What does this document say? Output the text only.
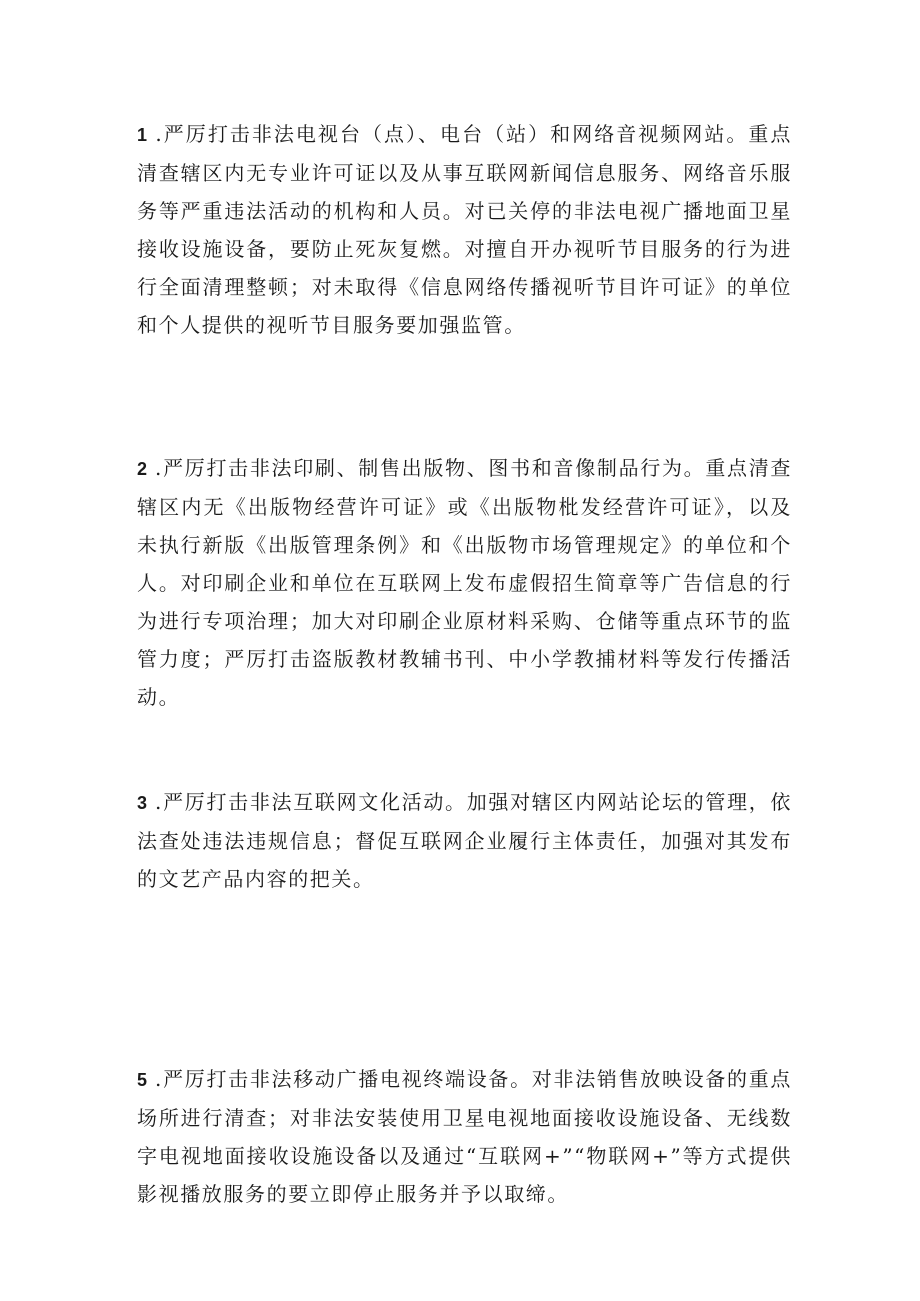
1 .严厉打击非法电视台（点）、电台（站）和网络音视频网站。重点清查辖区内无专业许可证以及从事互联网新闻信息服务、网络音乐服务等严重违法活动的机构和人员。对已关停的非法电视广播地面卫星接收设施设备，要防止死灰复燃。对擅自开办视听节目服务的行为进行全面清理整顿；对未取得《信息网络传播视听节目许可证》的单位和个人提供的视听节目服务要加强监管。

2 .严厉打击非法印刷、制售出版物、图书和音像制品行为。重点清查辖区内无《出版物经营许可证》或《出版物枇发经营许可证》，以及未执行新版《出版管理条例》和《出版物市场管理规定》的单位和个人。对印刷企业和单位在互联网上发布虚假招生简章等广告信息的行为进行专项治理；加大对印刷企业原材料采购、仓储等重点环节的监管力度；严厉打击盗版教材教辅书刊、中小学教捕材料等发行传播活动。

3 .严厉打击非法互联网文化活动。加强对辖区内网站论坛的管理，依法查处违法违规信息；督促互联网企业履行主体责任，加强对其发布的文艺产品内容的把关。

5 .严厉打击非法移动广播电视终端设备。对非法销售放映设备的重点场所进行清查；对非法安装使用卫星电视地面接收设施设备、无线数字电视地面接收设施设备以及通过“互联网+”“物联网+”等方式提供影视播放服务的要立即停止服务并予以取缔。
